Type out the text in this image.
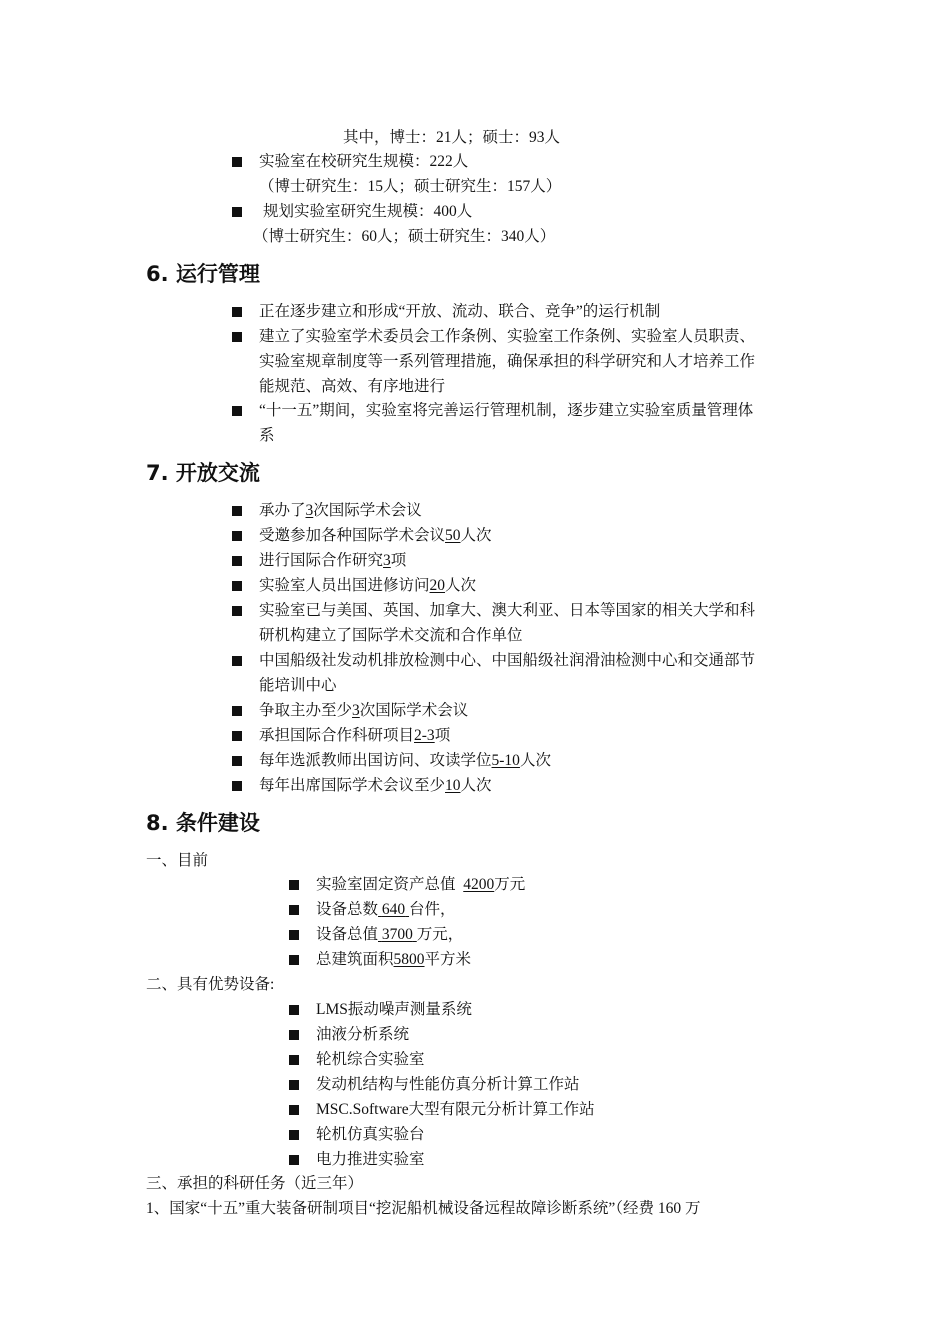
其中，博士：21人；硕士：93人
实验室在校研究生规模：222人
（博士研究生：15人；硕士研究生：157人）
规划实验室研究生规模：400人
（博士研究生：60人；硕士研究生：340人）
6. 运行管理
正在逐步建立和形成“开放、流动、联合、竞争”的运行机制
建立了实验室学术委员会工作条例、实验室工作条例、实验室人员职责、
实验室规章制度等一系列管理措施，确保承担的科学研究和人才培养工作
能规范、高效、有序地进行
“十一五”期间，实验室将完善运行管理机制，逐步建立实验室质量管理体
系
7. 开放交流
承办了3次国际学术会议
受邀参加各种国际学术会议50人次
进行国际合作研究3项
实验室人员出国进修访问20人次
实验室已与美国、英国、加拿大、澳大利亚、日本等国家的相关大学和科
研机构建立了国际学术交流和合作单位
中国船级社发动机排放检测中心、中国船级社润滑油检测中心和交通部节
能培训中心
争取主办至少3次国际学术会议
承担国际合作科研项目2-3项
每年选派教师出国访问、攻读学位5-10人次
每年出席国际学术会议至少10人次
8. 条件建设
一、目前
实验室固定资产总值 4200万元
设备总数 640 台件，
设备总值 3700 万元，
总建筑面积5800平方米
二、具有优势设备:
LMS振动噪声测量系统
油液分析系统
轮机综合实验室
发动机结构与性能仿真分析计算工作站
MSC.Software大型有限元分析计算工作站
轮机仿真实验台
电力推进实验室
三、承担的科研任务（近三年）
1、国家“十五”重大装备研制项目“挖泥船机械设备远程故障诊断系统”（经费 160 万
